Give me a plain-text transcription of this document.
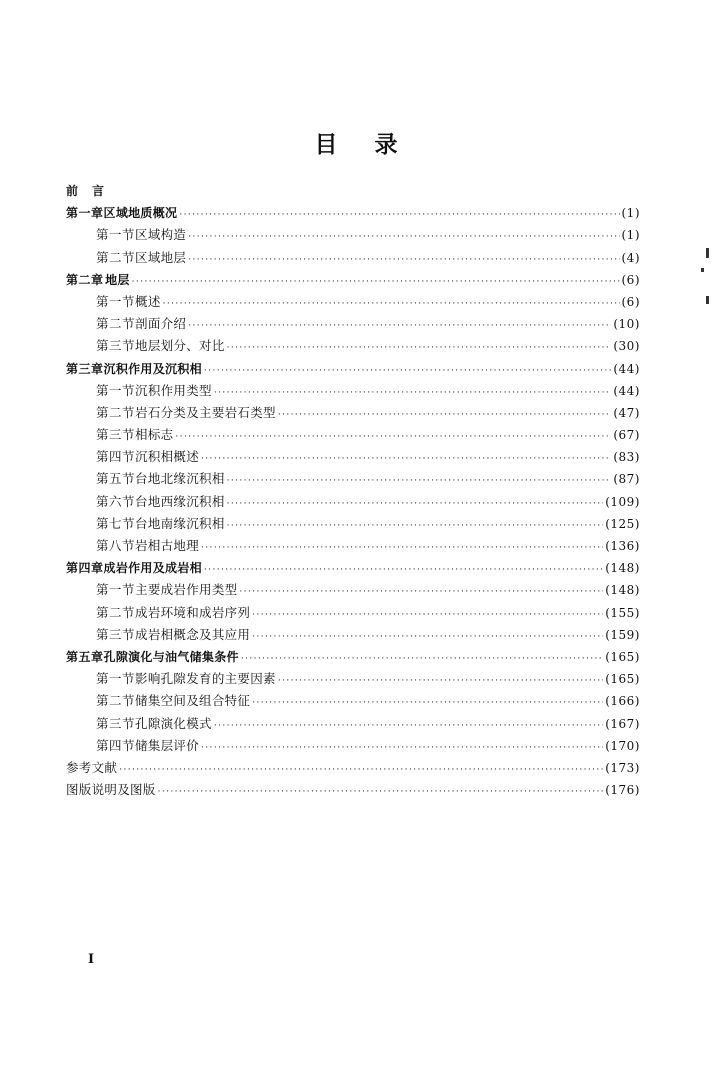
目 录
前 言
第一章 区域地质概况 ·····	(1)
第一节 区域构造 ·····	(1)
第二节 区域地层 ·····	(4)
第二章 地层 ·····	(6)
第一节 概述 ·····	(6)
第二节 剖面介绍 ·····	(10)
第三节 地层划分、对比 ·····	(30)
第三章 沉积作用及沉积相 ·····	(44)
第一节 沉积作用类型 ·····	(44)
第二节 岩石分类及主要岩石类型 ·····	(47)
第三节 相标志 ·····	(67)
第四节 沉积相概述 ·····	(83)
第五节 台地北缘沉积相 ·····	(87)
第六节 台地西缘沉积相 ·····	(109)
第七节 台地南缘沉积相 ·····	(125)
第八节 岩相古地理 ·····	(136)
第四章 成岩作用及成岩相 ·····	(148)
第一节 主要成岩作用类型 ·····	(148)
第二节 成岩环境和成岩序列 ·····	(155)
第三节 成岩相概念及其应用 ·····	(159)
第五章 孔隙演化与油气储集条件 ·····	(165)
第一节 影响孔隙发育的主要因素 ·····	(165)
第二节 储集空间及组合特征 ·····	(166)
第三节 孔隙演化模式 ·····	(167)
第四节 储集层评价 ·····	(170)
参考文献 ·····	(173)
图版说明及图版 ·····	(176)
I
